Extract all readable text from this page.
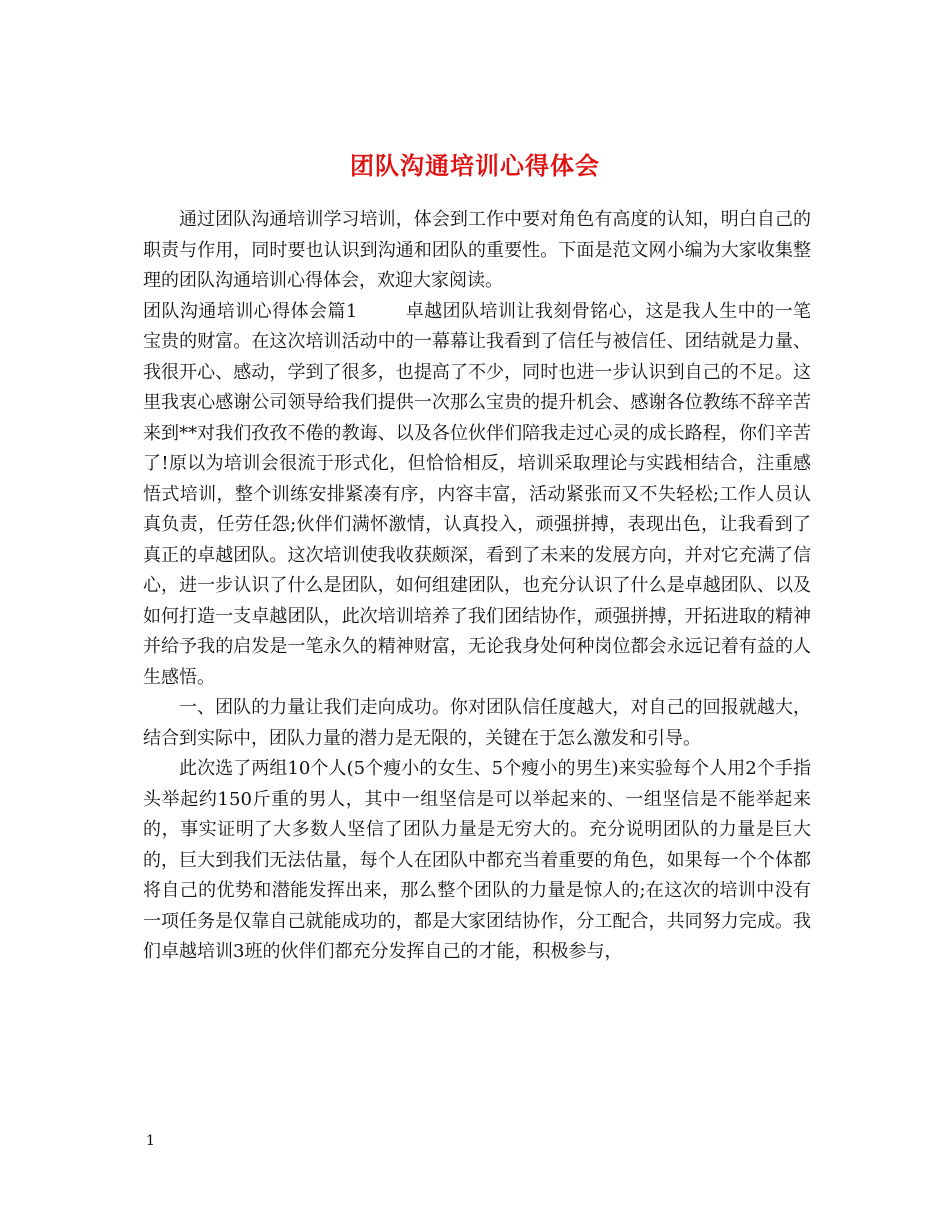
团队沟通培训心得体会

通过团队沟通培训学习培训，体会到工作中要对角色有高度的认知，明白自己的职责与作用，同时要也认识到沟通和团队的重要性。下面是范文网小编为大家收集整理的团队沟通培训心得体会，欢迎大家阅读。

团队沟通培训心得体会篇1	卓越团队培训让我刻骨铭心，这是我人生中的一笔宝贵的财富。在这次培训活动中的一幕幕让我看到了信任与被信任、团结就是力量、我很开心、感动，学到了很多，也提高了不少，同时也进一步认识到自己的不足。这里我衷心感谢公司领导给我们提供一次那么宝贵的提升机会、感谢各位教练不辞辛苦来到**对我们孜孜不倦的教诲、以及各位伙伴们陪我走过心灵的成长路程，你们辛苦了!原以为培训会很流于形式化，但恰恰相反，培训采取理论与实践相结合，注重感悟式培训，整个训练安排紧凑有序，内容丰富，活动紧张而又不失轻松;工作人员认真负责，任劳任怨;伙伴们满怀激情，认真投入，顽强拼搏，表现出色，让我看到了真正的卓越团队。这次培训使我收获颇深，看到了未来的发展方向，并对它充满了信心，进一步认识了什么是团队，如何组建团队，也充分认识了什么是卓越团队、以及如何打造一支卓越团队，此次培训培养了我们团结协作，顽强拼搏，开拓进取的精神并给予我的启发是一笔永久的精神财富，无论我身处何种岗位都会永远记着有益的人生感悟。

一、团队的力量让我们走向成功。你对团队信任度越大，对自己的回报就越大，结合到实际中，团队力量的潜力是无限的，关键在于怎么激发和引导。

此次选了两组10个人(5个瘦小的女生、5个瘦小的男生)来实验每个人用2个手指头举起约150斤重的男人，其中一组坚信是可以举起来的、一组坚信是不能举起来的，事实证明了大多数人坚信了团队力量是无穷大的。充分说明团队的力量是巨大的，巨大到我们无法估量，每个人在团队中都充当着重要的角色，如果每一个个体都将自己的优势和潜能发挥出来，那么整个团队的力量是惊人的;在这次的培训中没有一项任务是仅靠自己就能成功的，都是大家团结协作，分工配合，共同努力完成。我们卓越培训3班的伙伴们都充分发挥自己的才能，积极参与，

1
